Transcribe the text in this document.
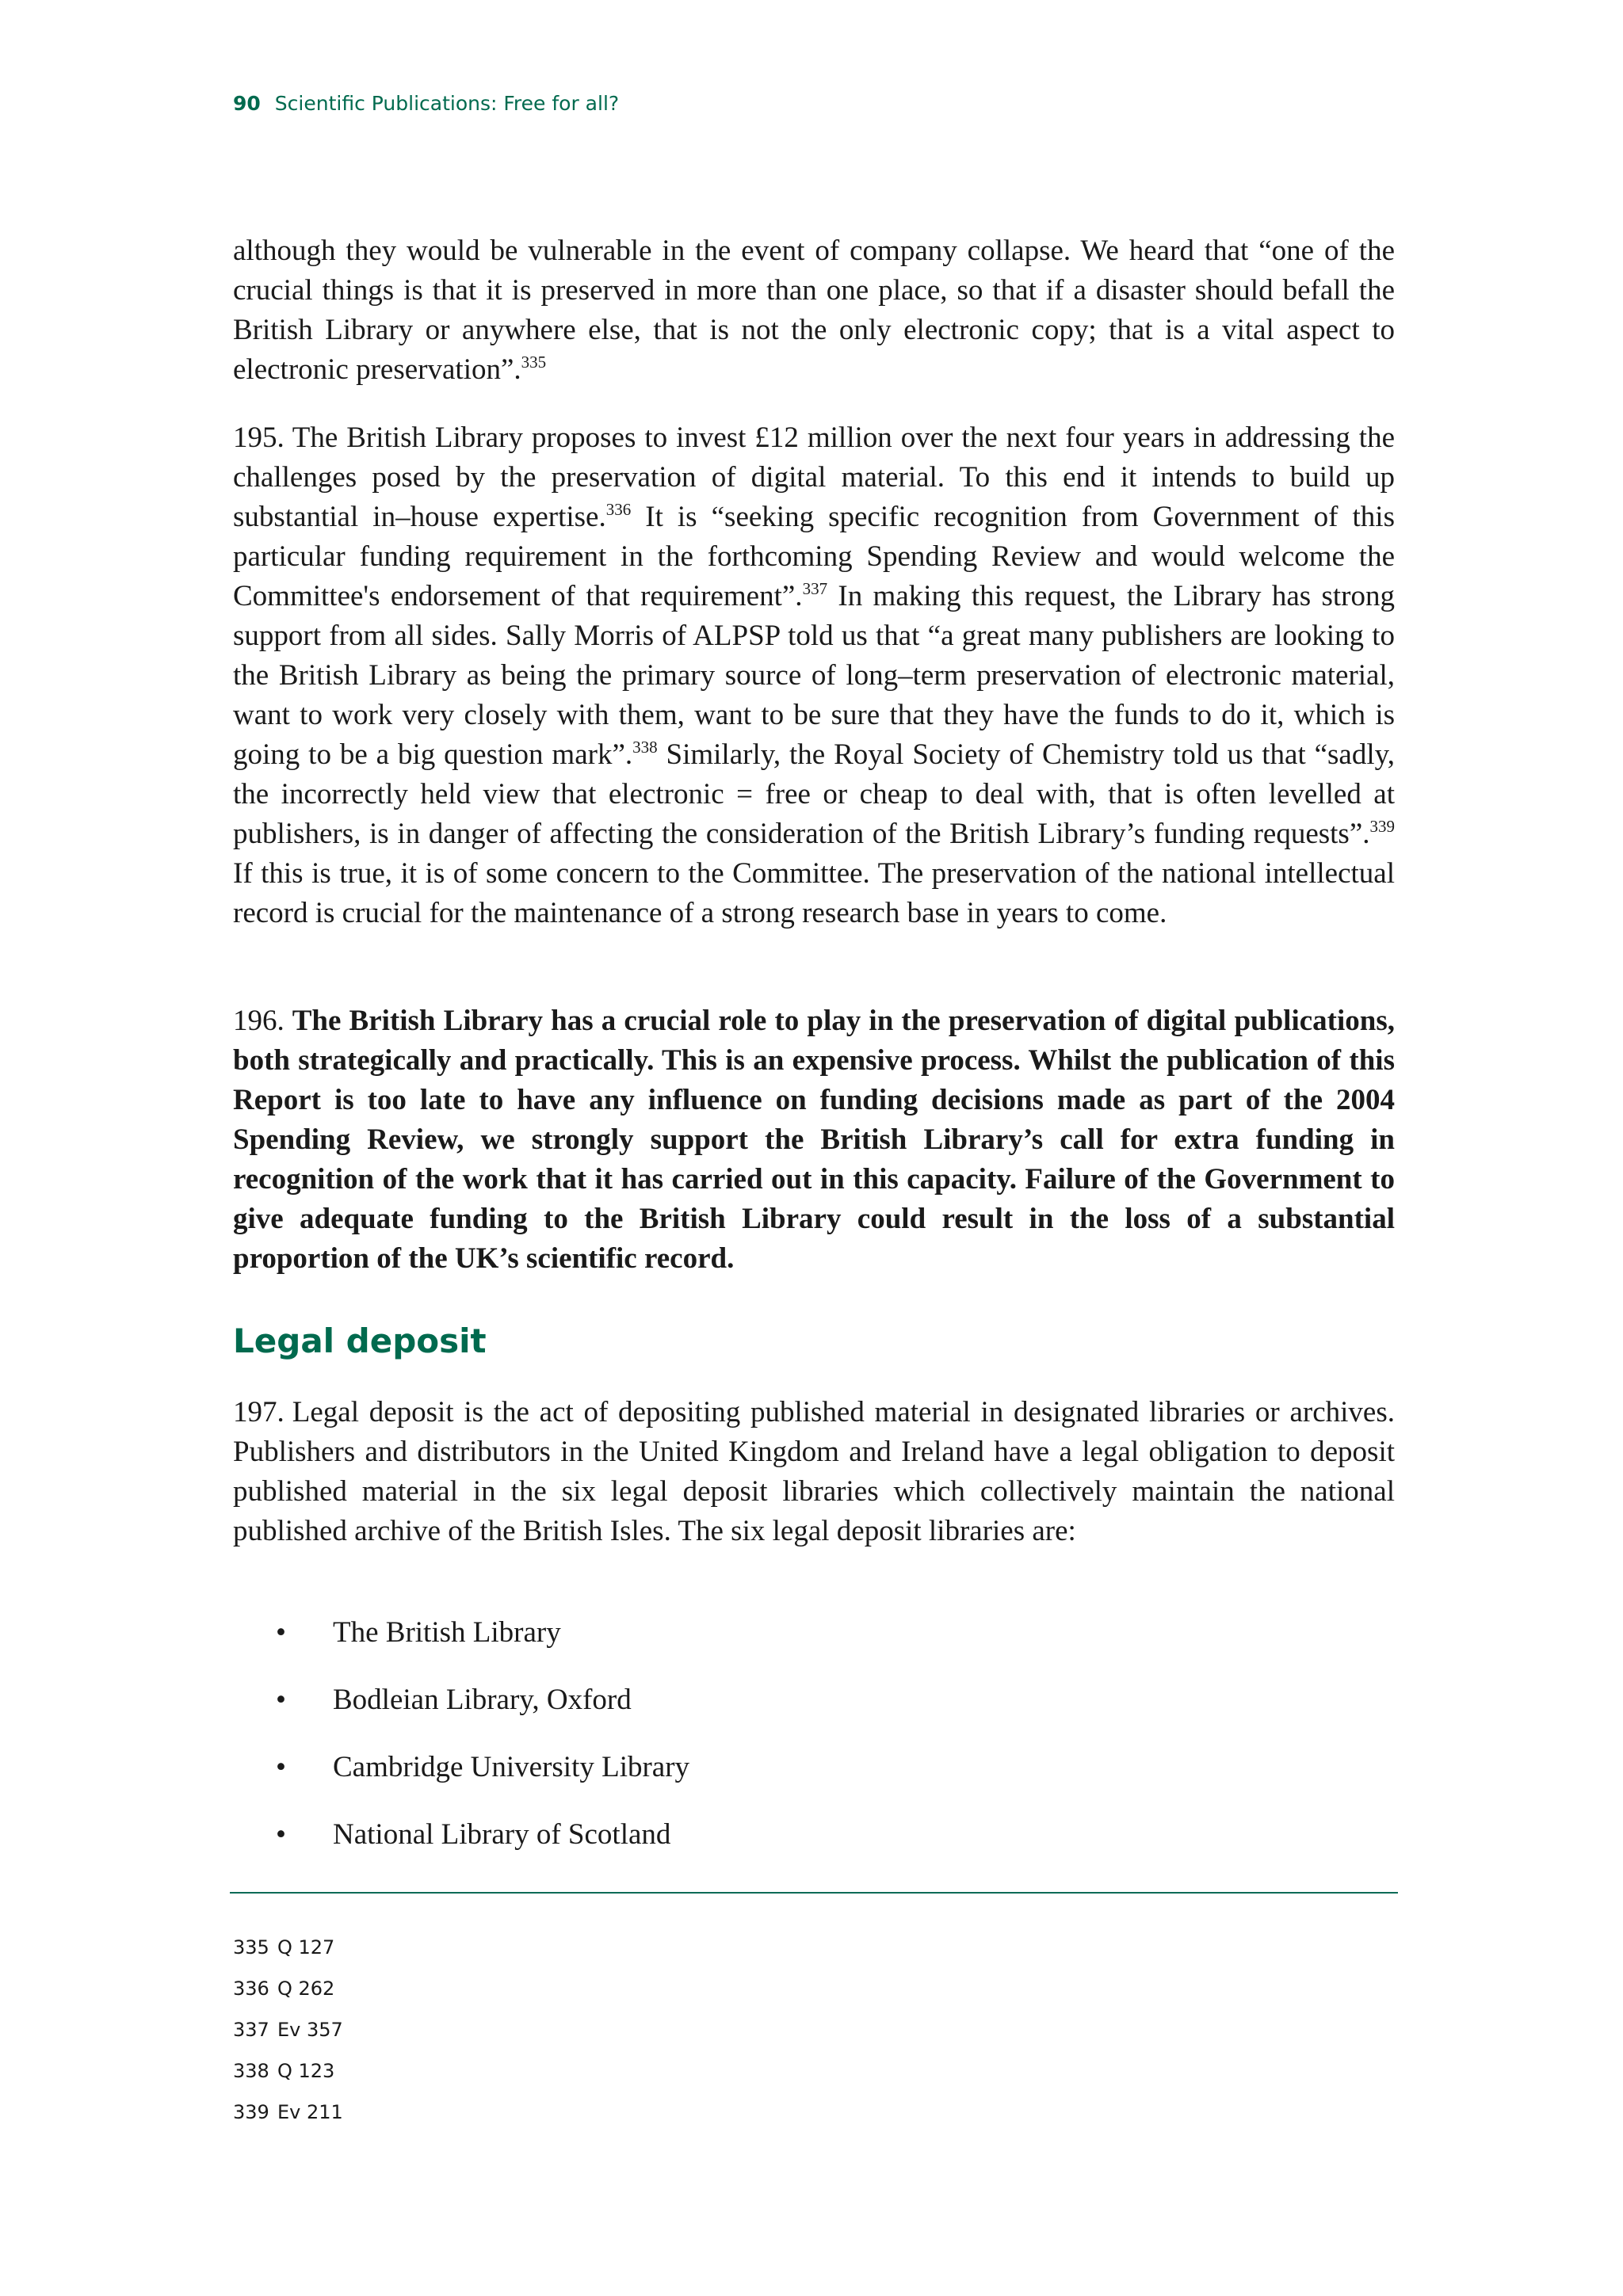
90 Scientific Publications: Free for all?

although they would be vulnerable in the event of company collapse. We heard that “one of the crucial things is that it is preserved in more than one place, so that if a disaster should befall the British Library or anywhere else, that is not the only electronic copy; that is a vital aspect to electronic preservation”.$^{335}$

195. The British Library proposes to invest £12 million over the next four years in addressing the challenges posed by the preservation of digital material. To this end it intends to build up substantial in–house expertise.$^{336}$ It is “seeking specific recognition from Government of this particular funding requirement in the forthcoming Spending Review and would welcome the Committee's endorsement of that requirement”.$^{337}$ In making this request, the Library has strong support from all sides. Sally Morris of ALPSP told us that “a great many publishers are looking to the British Library as being the primary source of long–term preservation of electronic material, want to work very closely with them, want to be sure that they have the funds to do it, which is going to be a big question mark”.$^{338}$ Similarly, the Royal Society of Chemistry told us that “sadly, the incorrectly held view that electronic = free or cheap to deal with, that is often levelled at publishers, is in danger of affecting the consideration of the British Library’s funding requests”.$^{339}$ If this is true, it is of some concern to the Committee. The preservation of the national intellectual record is crucial for the maintenance of a strong research base in years to come.

196. The British Library has a crucial role to play in the preservation of digital publications, both strategically and practically. This is an expensive process. Whilst the publication of this Report is too late to have any influence on funding decisions made as part of the 2004 Spending Review, we strongly support the British Library’s call for extra funding in recognition of the work that it has carried out in this capacity. Failure of the Government to give adequate funding to the British Library could result in the loss of a substantial proportion of the UK’s scientific record.

Legal deposit

197. Legal deposit is the act of depositing published material in designated libraries or archives. Publishers and distributors in the United Kingdom and Ireland have a legal obligation to deposit published material in the six legal deposit libraries which collectively maintain the national published archive of the British Isles. The six legal deposit libraries are:

• The British Library
• Bodleian Library, Oxford
• Cambridge University Library
• National Library of Scotland
335 Q 127
336 Q 262
337 Ev 357
338 Q 123
339 Ev 211
